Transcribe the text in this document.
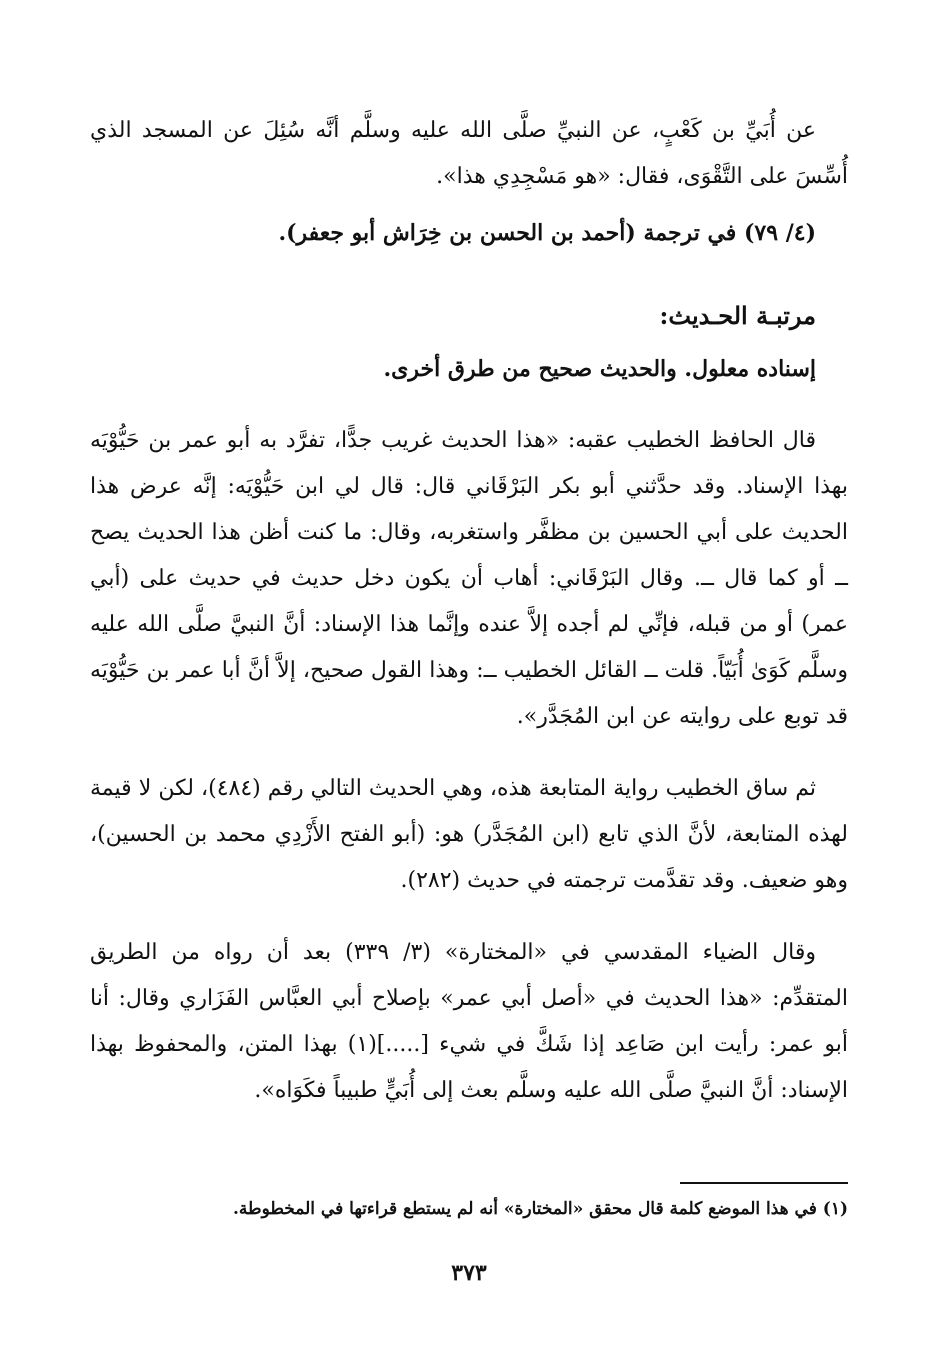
عن أُبَيِّ بن كَعْبٍ، عن النبيِّ صلَّى الله عليه وسلَّم أنَّه سُئِلَ عن المسجد الذي أُسِّسَ على التَّقْوَى، فقال: «هو مَسْجِدِي هذا».

(٤/ ٧٩) في ترجمة (أحمد بن الحسن بن خِرَاش أبو جعفر).

مرتبـة الحـديث:

إسناده معلول. والحديث صحيح من طرق أخرى.

قال الحافظ الخطيب عقبه: «هذا الحديث غريب جدًّا، تفرَّد به أبو عمر بن حَيُّوْيَه بهذا الإسناد. وقد حدَّثني أبو بكر البَرْقَاني قال: قال لي ابن حَيُّوْيَه: إنَّه عرض هذا الحديث على أبي الحسين بن مظفَّر واستغربه، وقال: ما كنت أظن هذا الحديث يصح ــ أو كما قال ــ. وقال البَرْقَاني: أهاب أن يكون دخل حديث في حديث على (أبي عمر) أو من قبله، فإنِّي لم أجده إلاَّ عنده وإنَّما هذا الإسناد: أنَّ النبيَّ صلَّى الله عليه وسلَّم كَوَىٰ أُبَيّاً. قلت ــ القائل الخطيب ــ: وهذا القول صحيح، إلاَّ أنَّ أبا عمر بن حَيُّوْيَه قد توبع على روايته عن ابن المُجَدَّر».

ثم ساق الخطيب رواية المتابعة هذه، وهي الحديث التالي رقم (٤٨٤)، لكن لا قيمة لهذه المتابعة، لأنَّ الذي تابع (ابن المُجَدَّر) هو: (أبو الفتح الأَزْدِي محمد بن الحسين)، وهو ضعيف. وقد تقدَّمت ترجمته في حديث (٢٨٢).

وقال الضياء المقدسي في «المختارة» (٣/ ٣٣٩) بعد أن رواه من الطريق المتقدِّم: «هذا الحديث في «أصل أبي عمر» بإصلاح أبي العبَّاس الفَزَاري وقال: أنا أبو عمر: رأيت ابن صَاعِد إذا شَكَّ في شيء [.....](١) بهذا المتن، والمحفوظ بهذا الإسناد: أنَّ النبيَّ صلَّى الله عليه وسلَّم بعث إلى أُبَيٍّ طبيباً فكَوَاه».

(١) في هذا الموضع كلمة قال محقق «المختارة» أنه لم يستطع قراءتها في المخطوطة.

٣٧٣
